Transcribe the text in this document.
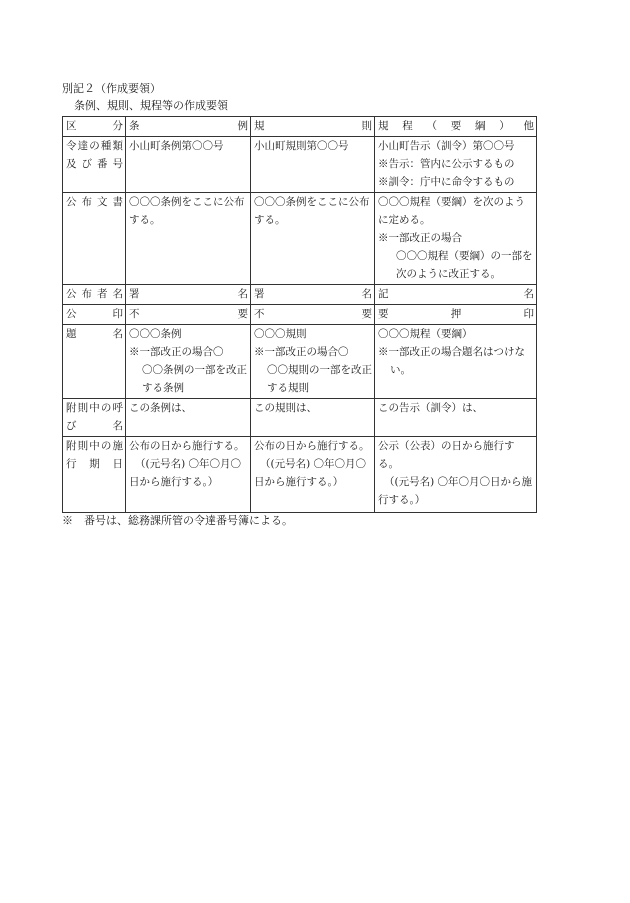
別記２（作成要領）
条例、規則、規程等の作成要領
区分	条例	規則	規程（要綱）他
令達の種類及び番号	小山町条例第〇〇号	小山町規則第〇〇号	小山町告示（訓令）第〇〇号
※告示：管内に公示するもの
※訓令：庁中に命令するもの

公布文書	〇〇〇条例をここに公布する。	〇〇〇条例をここに公布する。	〇〇〇規程（要綱）を次のように定める。
※一部改正の場合
〇〇〇規程（要綱）の一部を次のように改正する。

公布者名	署名	署名	記名
公印	不要	不要	要押印
題名	〇〇〇条例
※一部改正の場合〇
〇〇条例の一部を改正する条例	〇〇〇規則
※一部改正の場合〇
〇〇規則の一部を改正する規則	〇〇〇規程（要綱）
※一部改正の場合題名はつけない。

附則中の呼び名	この条例は、	この規則は、	この告示（訓令）は、
附則中の施行期日	公布の日から施行する。
（(元号名) 〇年〇月〇日から施行する。）	公布の日から施行する。
（(元号名) 〇年〇月〇日から施行する。）	公示（公表）の日から施行する。
（(元号名) 〇年〇月〇日から施行する。）
※　番号は、総務課所管の令達番号簿による。
